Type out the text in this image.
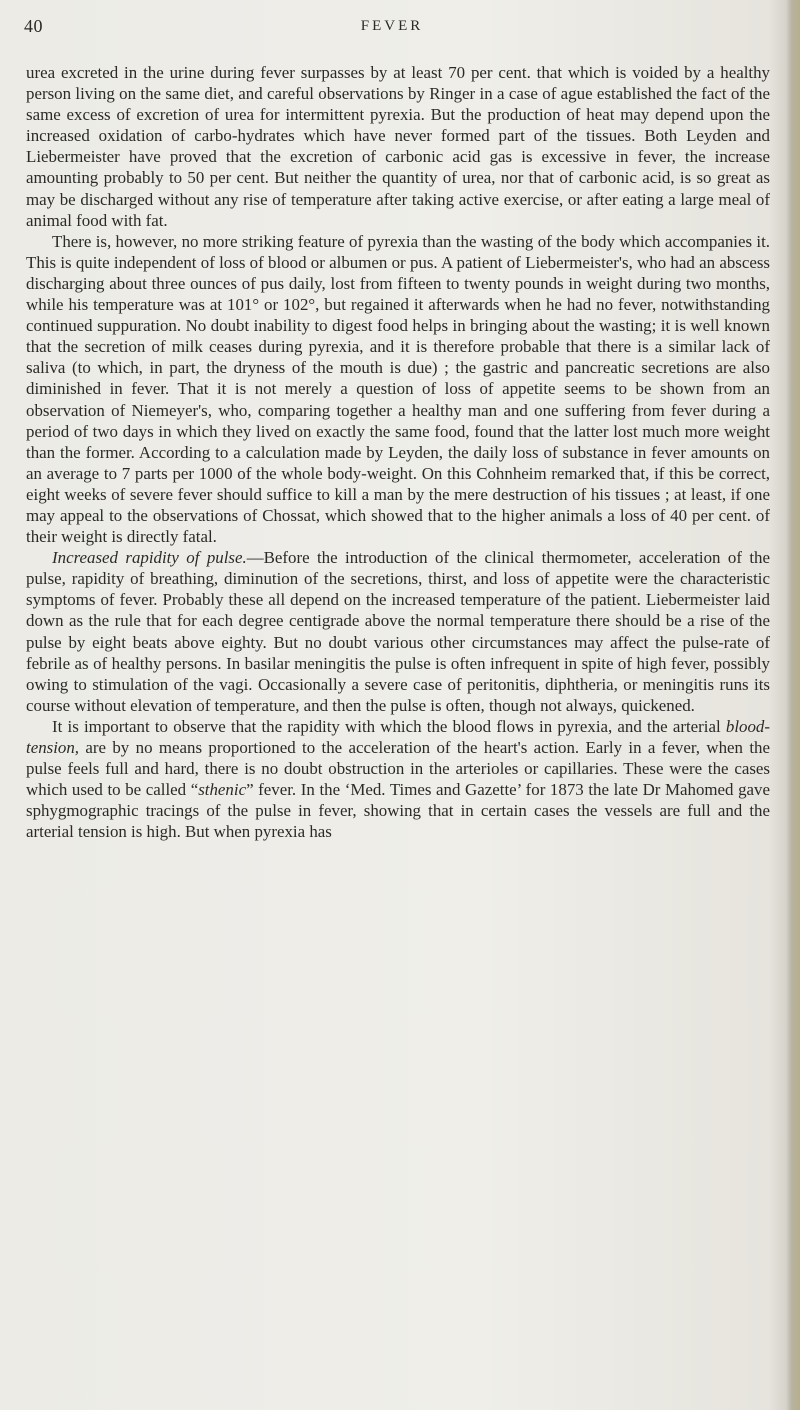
40	FEVER

urea excreted in the urine during fever surpasses by at least 70 per cent. that which is voided by a healthy person living on the same diet, and careful observations by Ringer in a case of ague established the fact of the same excess of excretion of urea for intermittent pyrexia. But the production of heat may depend upon the increased oxidation of carbo-hydrates which have never formed part of the tissues. Both Leyden and Liebermeister have proved that the excretion of carbonic acid gas is excessive in fever, the increase amounting probably to 50 per cent. But neither the quantity of urea, nor that of carbonic acid, is so great as may be discharged without any rise of temperature after taking active exercise, or after eating a large meal of animal food with fat.

There is, however, no more striking feature of pyrexia than the wasting of the body which accompanies it. This is quite independent of loss of blood or albumen or pus. A patient of Liebermeister's, who had an abscess discharging about three ounces of pus daily, lost from fifteen to twenty pounds in weight during two months, while his temperature was at 101° or 102°, but regained it afterwards when he had no fever, notwithstanding continued suppuration. No doubt inability to digest food helps in bringing about the wasting; it is well known that the secretion of milk ceases during pyrexia, and it is therefore probable that there is a similar lack of saliva (to which, in part, the dryness of the mouth is due) ; the gastric and pancreatic secretions are also diminished in fever. That it is not merely a question of loss of appetite seems to be shown from an observation of Niemeyer's, who, comparing together a healthy man and one suffering from fever during a period of two days in which they lived on exactly the same food, found that the latter lost much more weight than the former. According to a calculation made by Leyden, the daily loss of substance in fever amounts on an average to 7 parts per 1000 of the whole body-weight. On this Cohnheim remarked that, if this be correct, eight weeks of severe fever should suffice to kill a man by the mere destruction of his tissues ; at least, if one may appeal to the observations of Chossat, which showed that to the higher animals a loss of 40 per cent. of their weight is directly fatal.

Increased rapidity of pulse.—Before the introduction of the clinical thermometer, acceleration of the pulse, rapidity of breathing, diminution of the secretions, thirst, and loss of appetite were the characteristic symptoms of fever. Probably these all depend on the increased temperature of the patient. Liebermeister laid down as the rule that for each degree centigrade above the normal temperature there should be a rise of the pulse by eight beats above eighty. But no doubt various other circumstances may affect the pulse-rate of febrile as of healthy persons. In basilar meningitis the pulse is often infrequent in spite of high fever, possibly owing to stimulation of the vagi. Occasionally a severe case of peritonitis, diphtheria, or meningitis runs its course without elevation of temperature, and then the pulse is often, though not always, quickened.

It is important to observe that the rapidity with which the blood flows in pyrexia, and the arterial blood-tension, are by no means proportioned to the acceleration of the heart's action. Early in a fever, when the pulse feels full and hard, there is no doubt obstruction in the arterioles or capillaries. These were the cases which used to be called “sthenic” fever. In the ‘Med. Times and Gazette’ for 1873 the late Dr Mahomed gave sphygmographic tracings of the pulse in fever, showing that in certain cases the vessels are full and the arterial tension is high. But when pyrexia has
